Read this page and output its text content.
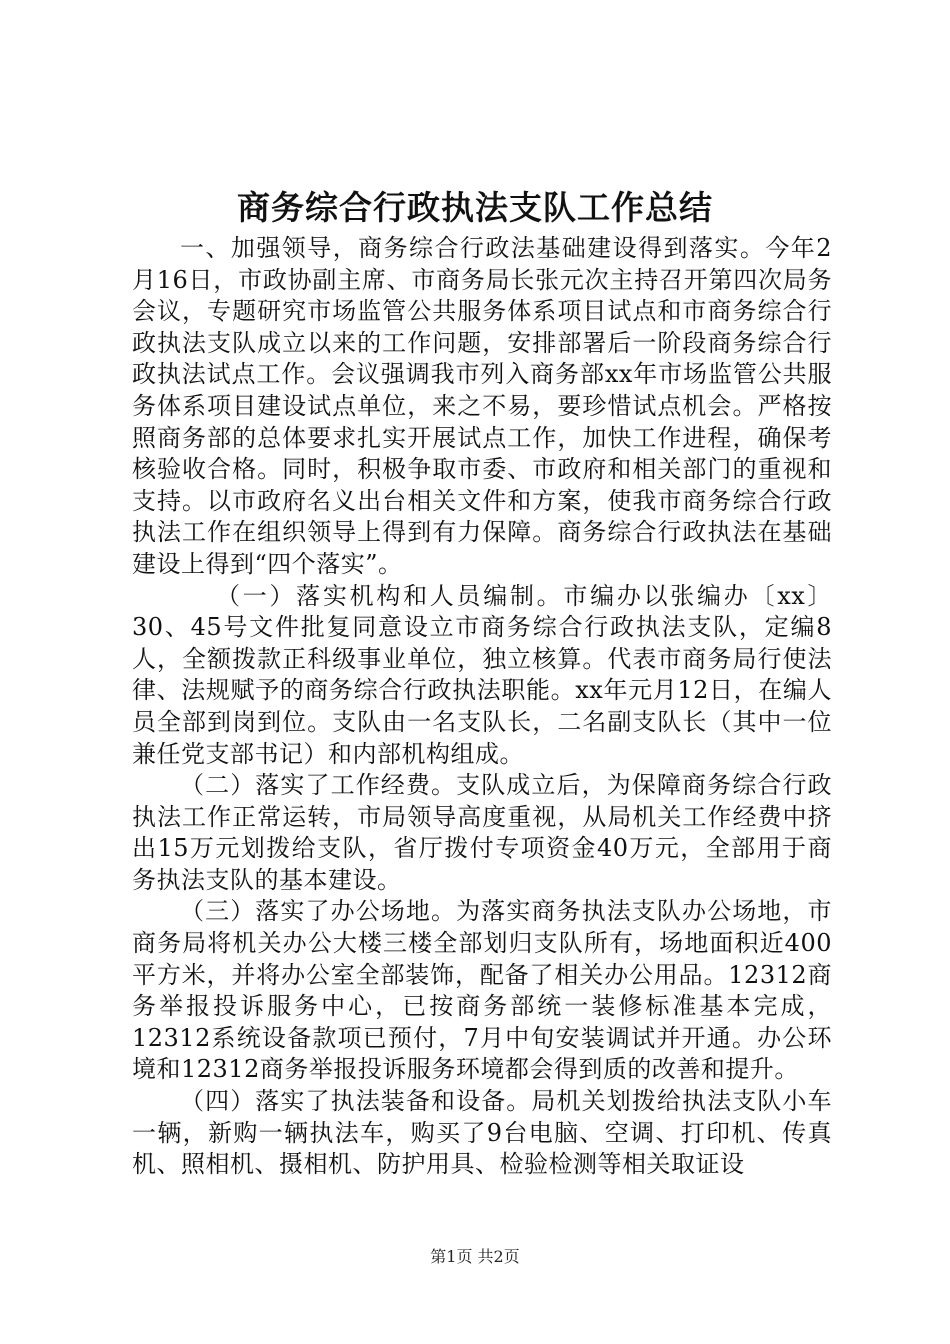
商务综合行政执法支队工作总结

一、加强领导，商务综合行政法基础建设得到落实。今年2月16日，市政协副主席、市商务局长张元次主持召开第四次局务会议，专题研究市场监管公共服务体系项目试点和市商务综合行政执法支队成立以来的工作问题，安排部署后一阶段商务综合行政执法试点工作。会议强调我市列入商务部xx年市场监管公共服务体系项目建设试点单位，来之不易，要珍惜试点机会。严格按照商务部的总体要求扎实开展试点工作，加快工作进程，确保考核验收合格。同时，积极争取市委、市政府和相关部门的重视和支持。以市政府名义出台相关文件和方案，使我市商务综合行政执法工作在组织领导上得到有力保障。商务综合行政执法在基础建设上得到“四个落实”。

（一）落实机构和人员编制。市编办以张编办〔xx〕30、45号文件批复同意设立市商务综合行政执法支队，定编8人，全额拨款正科级事业单位，独立核算。代表市商务局行使法律、法规赋予的商务综合行政执法职能。xx年元月12日，在编人员全部到岗到位。支队由一名支队长，二名副支队长（其中一位兼任党支部书记）和内部机构组成。

（二）落实了工作经费。支队成立后，为保障商务综合行政执法工作正常运转，市局领导高度重视，从局机关工作经费中挤出15万元划拨给支队，省厅拨付专项资金40万元，全部用于商务执法支队的基本建设。

（三）落实了办公场地。为落实商务执法支队办公场地，市商务局将机关办公大楼三楼全部划归支队所有，场地面积近400平方米，并将办公室全部装饰，配备了相关办公用品。12312商务举报投诉服务中心，已按商务部统一装修标准基本完成，12312系统设备款项已预付，7月中旬安装调试并开通。办公环境和12312商务举报投诉服务环境都会得到质的改善和提升。

（四）落实了执法装备和设备。局机关划拨给执法支队小车一辆，新购一辆执法车，购买了9台电脑、空调、打印机、传真机、照相机、摄相机、防护用具、检验检测等相关取证设

第1页 共2页
